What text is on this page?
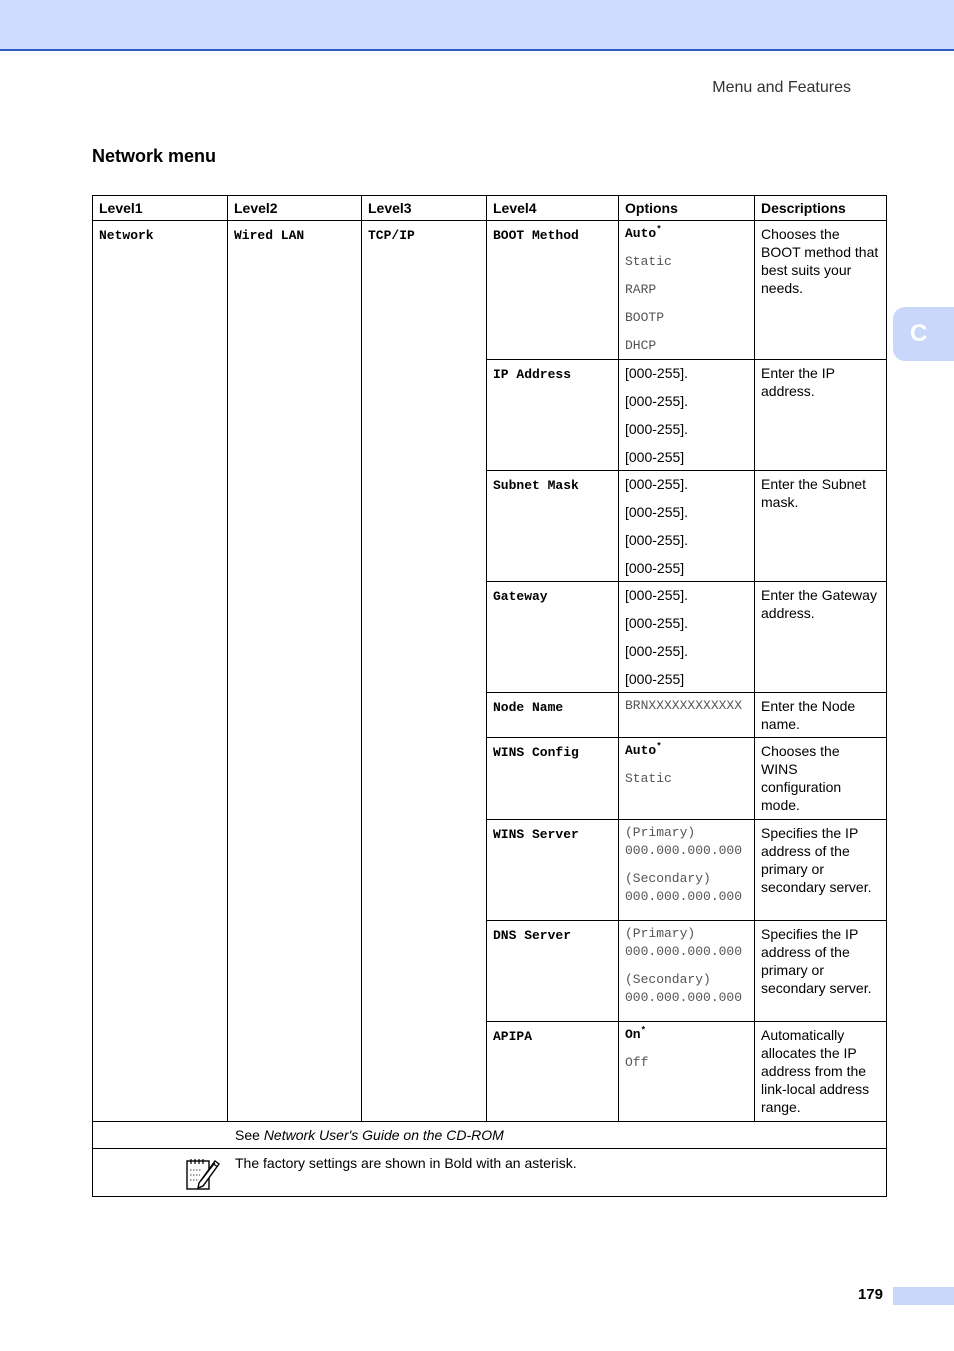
Menu and Features
Network menu
C
Level1	Level2	Level3	Level4	Options	Descriptions
Network	Wired LAN	TCP/IP	BOOT Method	Auto*
Static
RARP
BOOTP
DHCP	Chooses the BOOT method that best suits your needs.

			IP Address	[000-255].
[000-255].
[000-255].
[000-255]	Enter the IP address.

			Subnet Mask	[000-255].
[000-255].
[000-255].
[000-255]	Enter the Subnet mask.

			Gateway	[000-255].
[000-255].
[000-255].
[000-255]	Enter the Gateway address.

			Node Name	BRNXXXXXXXXXXXX	Enter the Node name.

			WINS Config	Auto*
Static	Chooses the WINS configuration mode.

			WINS Server	(Primary)
000.000.000.000
(Secondary)
000.000.000.000	Specifies the IP address of the primary or secondary server.

			DNS Server	(Primary)
000.000.000.000
(Secondary)
000.000.000.000	Specifies the IP address of the primary or secondary server.

			APIPA	On*
Off	Automatically allocates the IP address from the link-local address range.

See Network User's Guide on the CD-ROM					

The factory settings are shown in Bold with an asterisk.					
179
